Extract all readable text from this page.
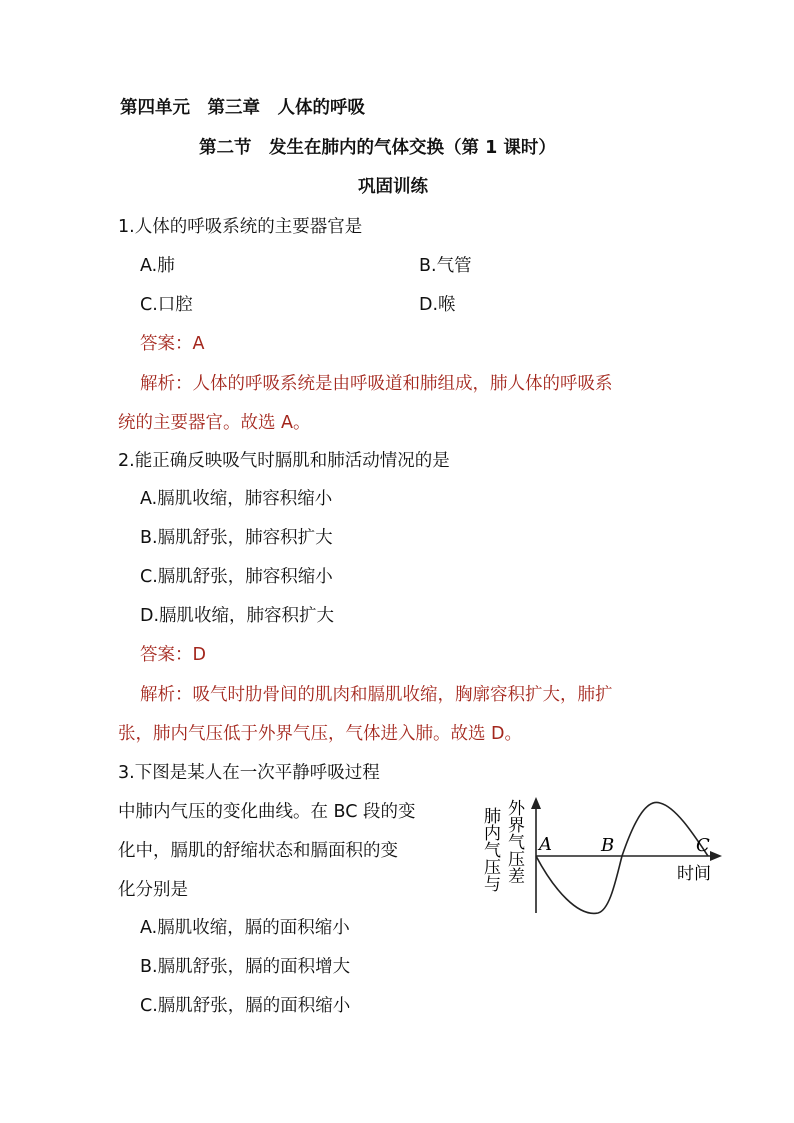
第四单元　第三章　人体的呼吸
第二节　发生在肺内的气体交换（第 1 课时）
巩固训练
1.人体的呼吸系统的主要器官是
A.肺	B.气管
C.口腔	D.喉
答案：A
解析：人体的呼吸系统是由呼吸道和肺组成，肺人体的呼吸系
统的主要器官。故选 A。
2.能正确反映吸气时膈肌和肺活动情况的是
A.膈肌收缩，肺容积缩小
B.膈肌舒张，肺容积扩大
C.膈肌舒张，肺容积缩小
D.膈肌收缩，肺容积扩大
答案：D
解析：吸气时肋骨间的肌肉和膈肌收缩，胸廓容积扩大，肺扩
张，肺内气压低于外界气压，气体进入肺。故选 D。
3.下图是某人在一次平静呼吸过程
中肺内气压的变化曲线。在 BC 段的变
化中，膈肌的舒缩状态和膈面积的变
化分别是
A.膈肌收缩，膈的面积缩小
B.膈肌舒张，膈的面积增大
C.膈肌舒张，膈的面积缩小
肺内气压与 外界气压差 A	B	C
时间
